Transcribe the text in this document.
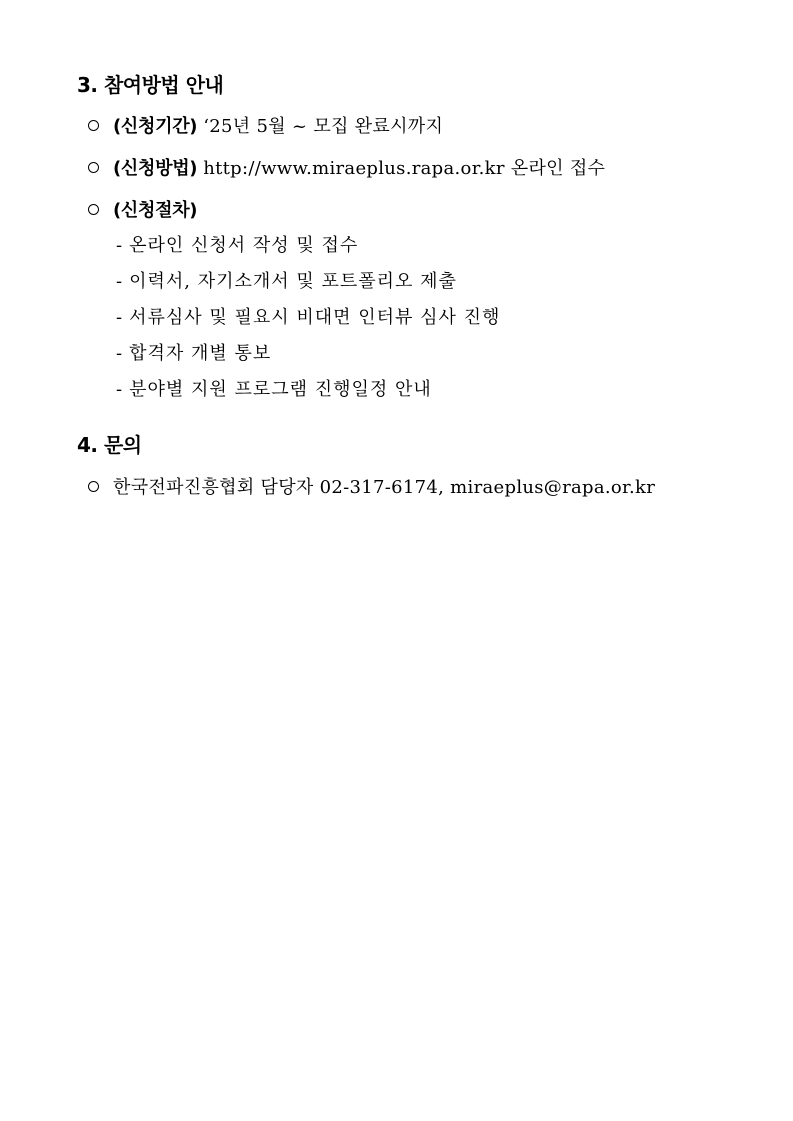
3. 참여방법 안내
(신청기간) ‘25년 5월 ~ 모집 완료시까지
(신청방법) http://www.miraeplus.rapa.or.kr 온라인 접수
(신청절차)
- 온라인 신청서 작성 및 접수
- 이력서, 자기소개서 및 포트폴리오 제출
- 서류심사 및 필요시 비대면 인터뷰 심사 진행
- 합격자 개별 통보
- 분야별 지원 프로그램 진행일정 안내
4. 문의
한국전파진흥협회 담당자 02-317-6174, miraeplus@rapa.or.kr
